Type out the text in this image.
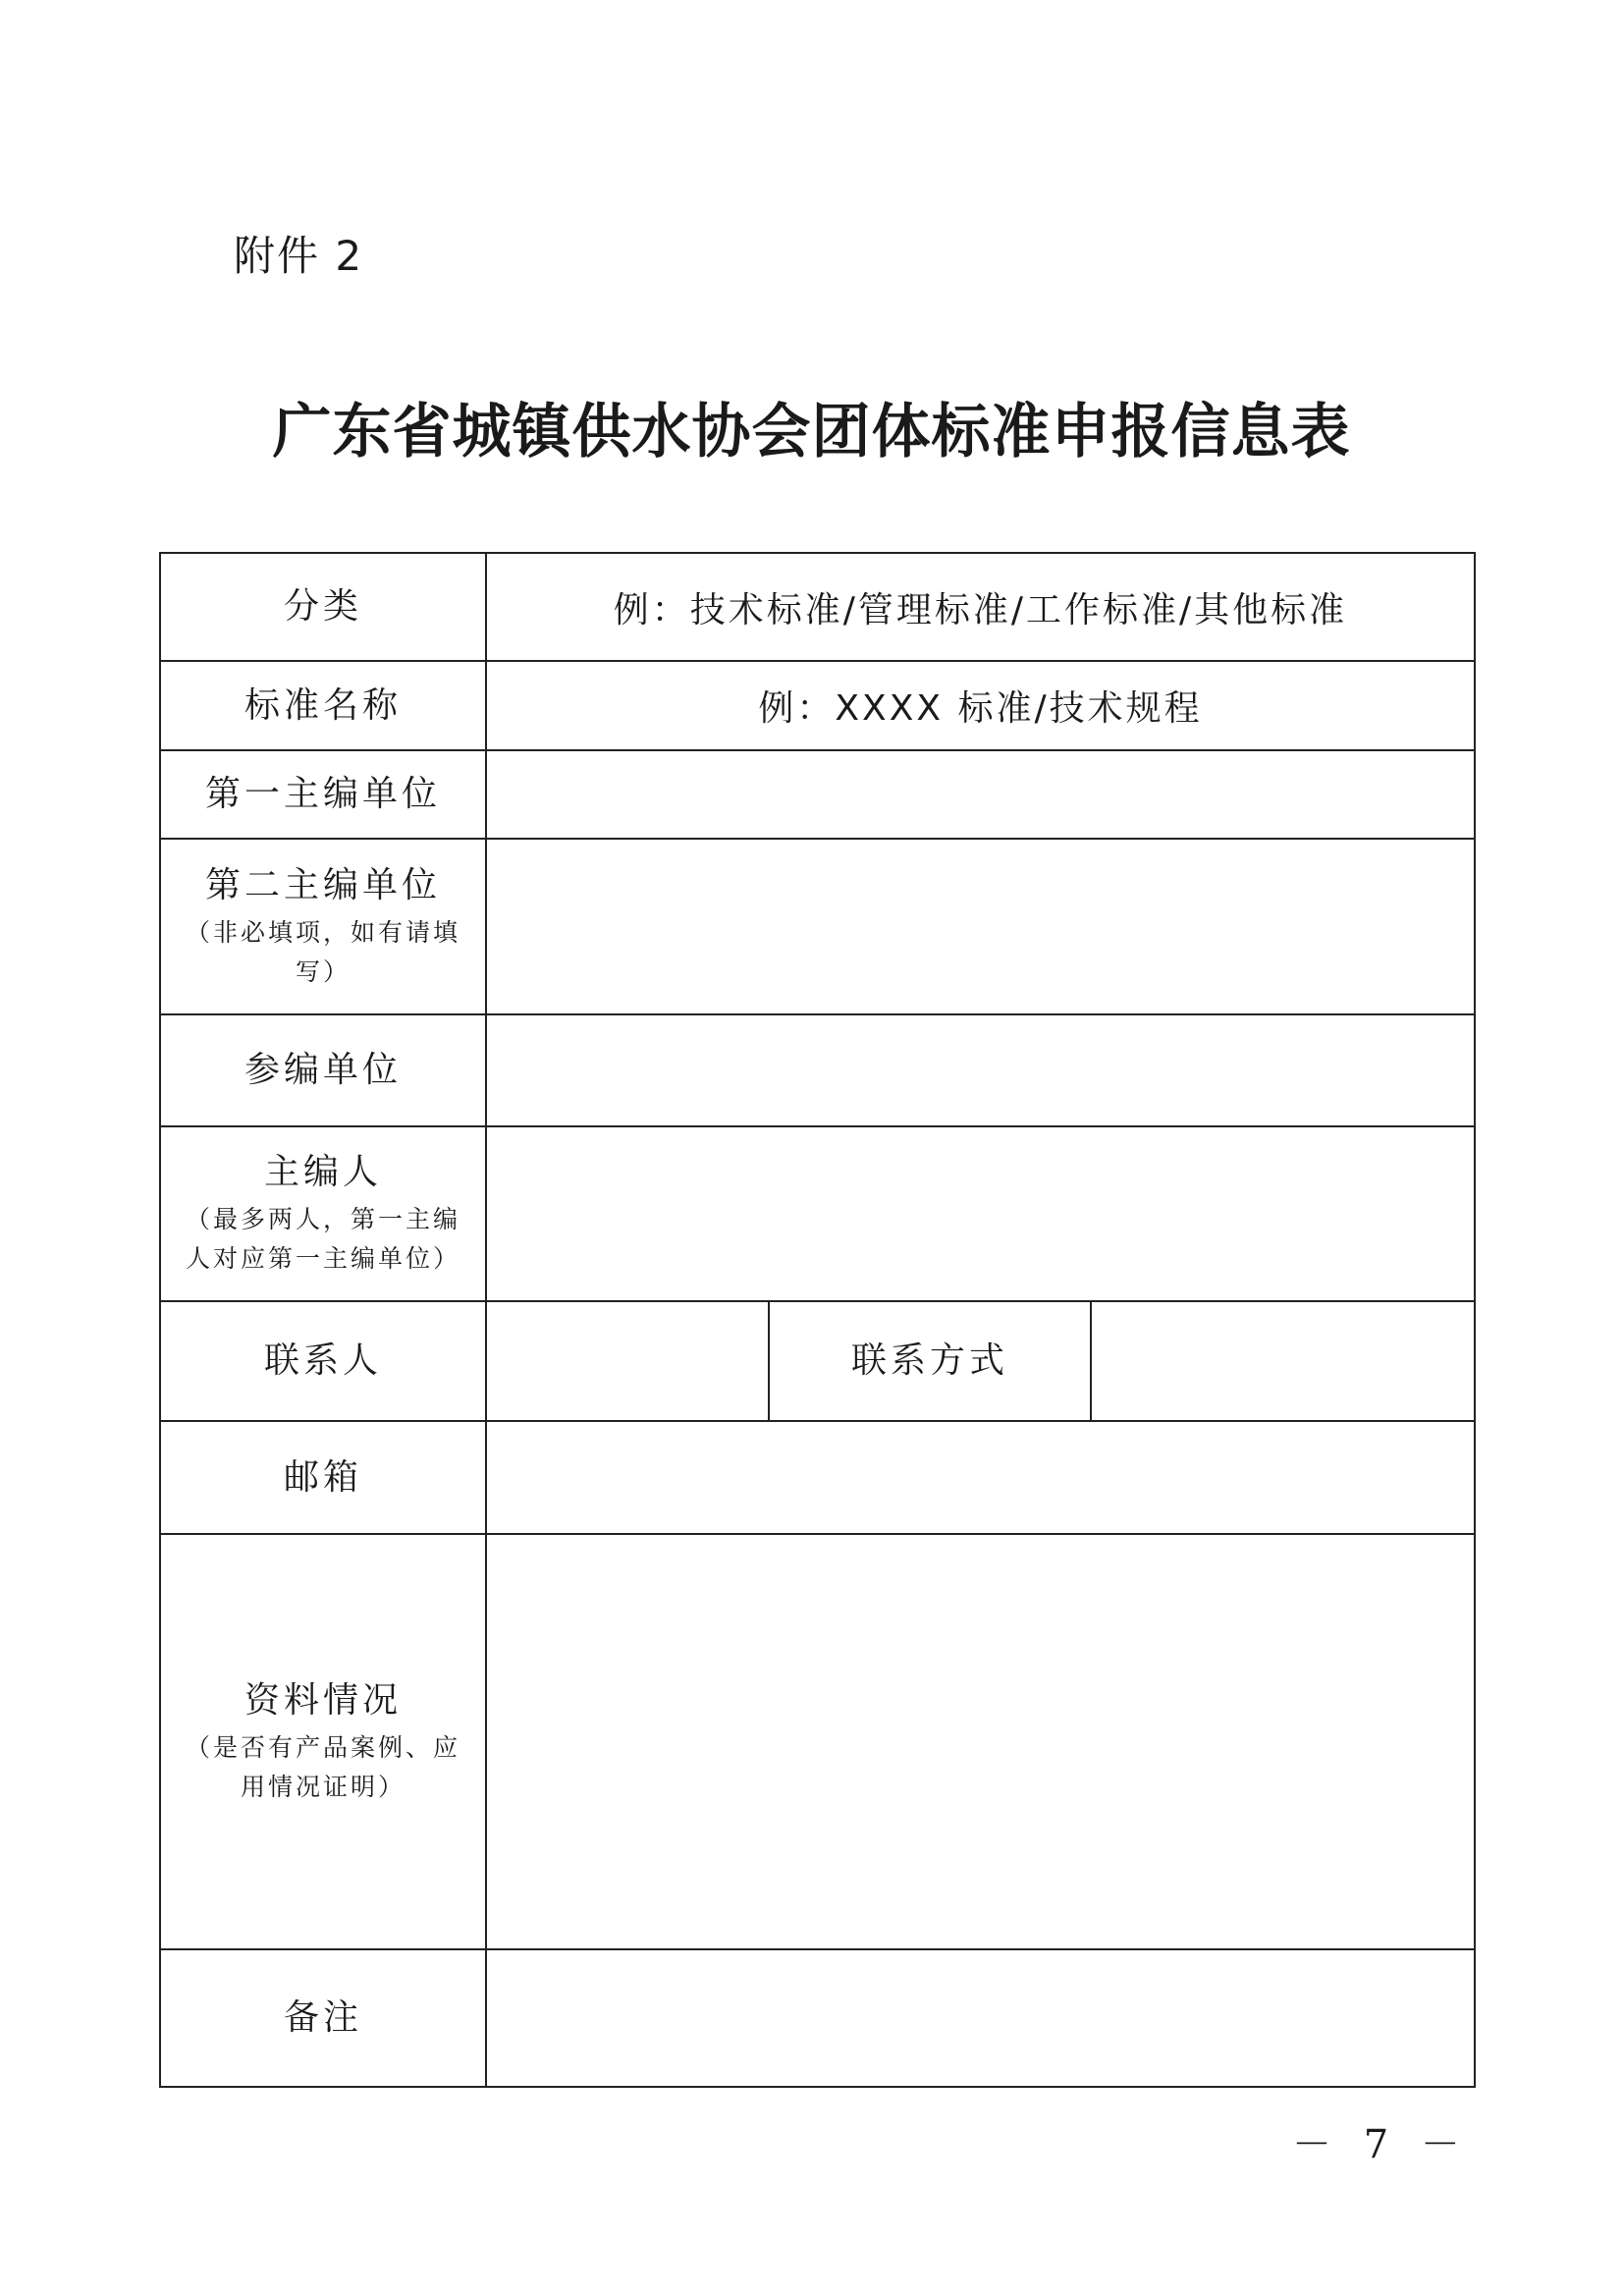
附件 2
广东省城镇供水协会团体标准申报信息表
分类	例：技术标准/管理标准/工作标准/其他标准		

标准名称	例：XXXX 标准/技术规程		

第一主编单位			

第二主编单位
（非必填项，如有请填写）			

参编单位			

主编人
（最多两人，第一主编人对应第一主编单位）			

联系人		联系方式	

邮箱			

资料情况
（是否有产品案例、应用情况证明）			

备注			

－ 7 －
